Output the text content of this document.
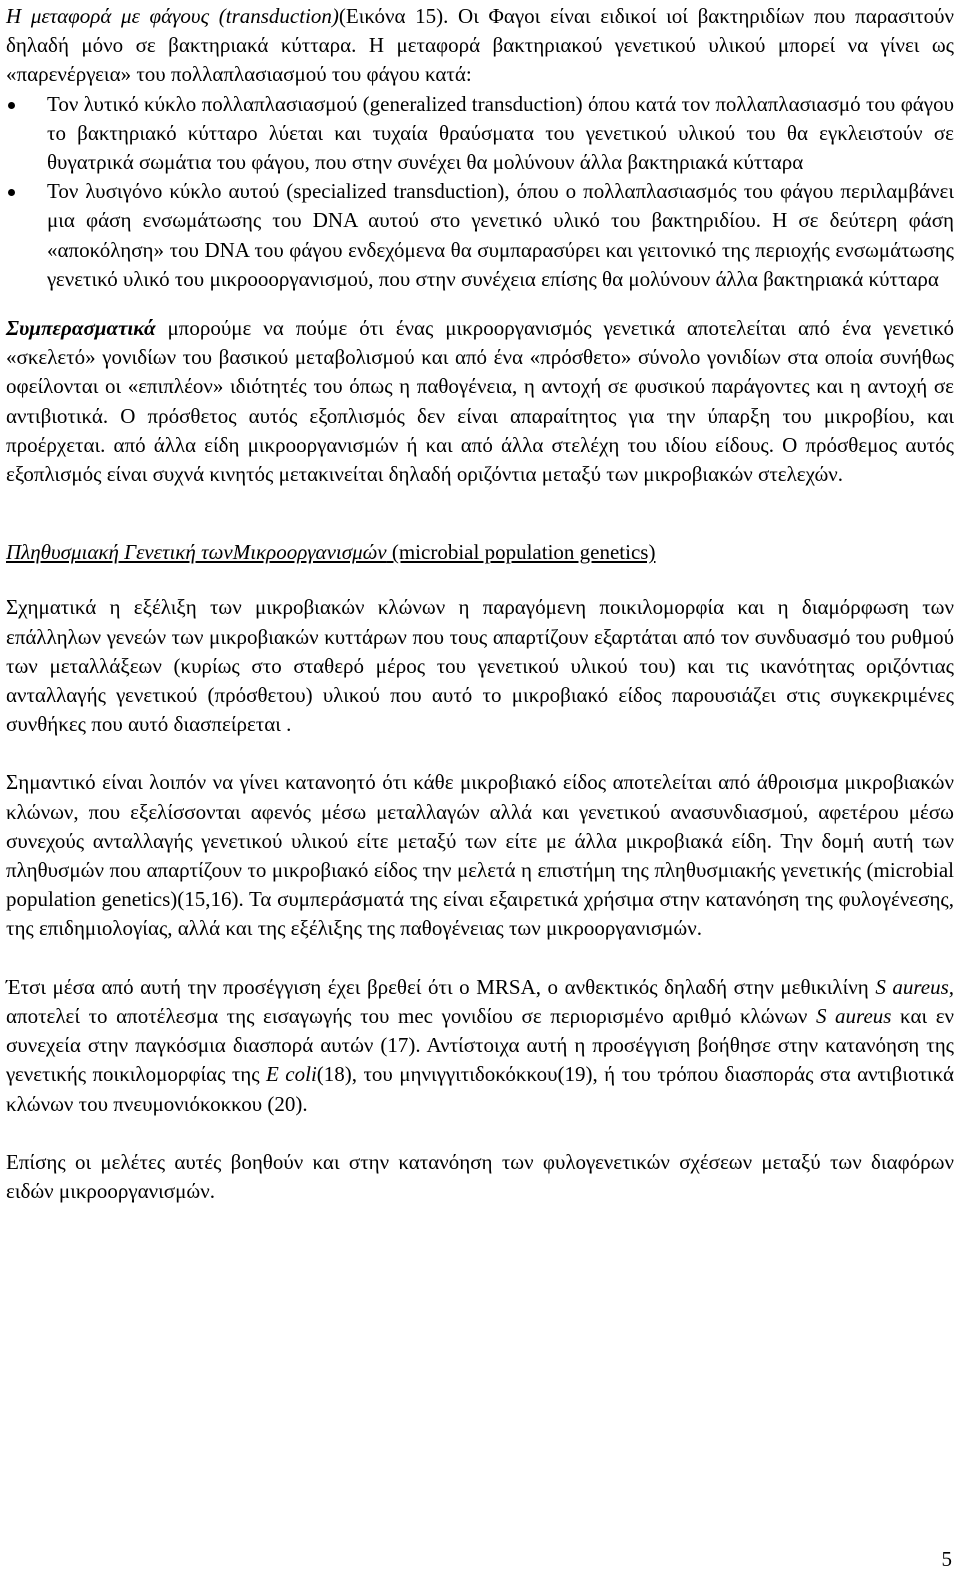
Η μεταφορά με φάγους (transduction)(Εικόνα 15). Οι Φαγοι είναι ειδικοί ιοί βακτηριδίων που παρασιτούν δηλαδή μόνο σε βακτηριακά κύτταρα. Η μεταφορά βακτηριακού γενετικού υλικού μπορεί να γίνει ως «παρενέργεια» του πολλαπλασιασμού του φάγου κατά:

Τον λυτικό κύκλο πολλαπλασιασμού (generalized transduction) όπου κατά τον πολλαπλασιασμό του φάγου το βακτηριακό κύτταρο λύεται και τυχαία θραύσματα του γενετικού υλικού του θα εγκλειστούν σε θυγατρικά σωμάτια του φάγου, που στην συνέχει θα μολύνουν άλλα βακτηριακά κύτταρα
Τον λυσιγόνο κύκλο αυτού (specialized transduction), όπου ο πολλαπλασιασμός του φάγου περιλαμβάνει μια φάση ενσωμάτωσης του DNA αυτού στο γενετικό υλικό του βακτηριδίου. Η σε δεύτερη φάση «αποκόληση» του DNA του φάγου ενδεχόμενα θα συμπαρασύρει και γειτονικό της περιοχής ενσωμάτωσης γενετικό υλικό του μικροοοργανισμού, που στην συνέχεια επίσης θα μολύνουν άλλα βακτηριακά κύτταρα

Συμπερασματικά μπορούμε να πούμε ότι ένας μικροοργανισμός γενετικά αποτελείται από ένα γενετικό «σκελετό» γονιδίων του βασικού μεταβολισμού και από ένα «πρόσθετο» σύνολο γονιδίων στα οποία συνήθως οφείλονται οι «επιπλέον» ιδιότητές του όπως η παθογένεια, η αντοχή σε φυσικού παράγοντες και η αντοχή σε αντιβιοτικά. Ο πρόσθετος αυτός εξοπλισμός δεν είναι απαραίτητος για την ύπαρξη του μικροβίου, και προέρχεται. από άλλα είδη μικροοργανισμών ή και από άλλα στελέχη του ιδίου είδους. Ο πρόσθεμος αυτός εξοπλισμός είναι συχνά κινητός μετακινείται δηλαδή οριζόντια μεταξύ των μικροβιακών στελεχών.

Πληθυσμιακή Γενετική τωνΜικροοργανισμών (microbial population genetics)

Σχηματικά η εξέλιξη των μικροβιακών κλώνων η παραγόμενη ποικιλομορφία και η διαμόρφωση των επάλληλων γενεών των μικροβιακών κυττάρων που τους απαρτίζουν εξαρτάται από τον συνδυασμό του ρυθμού των μεταλλάξεων (κυρίως στο σταθερό μέρος του γενετικού υλικού του) και τις ικανότητας οριζόντιας ανταλλαγής γενετικού (πρόσθετου) υλικού που αυτό το μικροβιακό είδος παρουσιάζει στις συγκεκριμένες συνθήκες που αυτό διασπείρεται .

Σημαντικό είναι λοιπόν να γίνει κατανοητό ότι κάθε μικροβιακό είδος αποτελείται από άθροισμα μικροβιακών κλώνων, που εξελίσσονται αφενός μέσω μεταλλαγών αλλά και γενετικού ανασυνδιασμού, αφετέρου μέσω συνεχούς ανταλλαγής γενετικού υλικού είτε μεταξύ των είτε με άλλα μικροβιακά είδη. Την δομή αυτή των πληθυσμών που απαρτίζουν το μικροβιακό είδος την μελετά η επιστήμη της πληθυσμιακής γενετικής (microbial population genetics)(15,16). Τα συμπεράσματά της είναι εξαιρετικά χρήσιμα στην κατανόηση της φυλογένεσης, της επιδημιολογίας, αλλά και της εξέλιξης της παθογένειας των μικροοργανισμών.

Έτσι μέσα από αυτή την προσέγγιση έχει βρεθεί ότι ο MRSA, ο ανθεκτικός δηλαδή στην μεθικιλίνη S aureus, αποτελεί το αποτέλεσμα της εισαγωγής του mec γονιδίου σε περιορισμένο αριθμό κλώνων S aureus και εν συνεχεία στην παγκόσμια διασπορά αυτών (17). Αντίστοιχα αυτή η προσέγγιση βοήθησε στην κατανόηση της γενετικής ποικιλομορφίας της E coli(18), του μηνιγγιτιδοκόκκου(19), ή του τρόπου διασποράς στα αντιβιοτικά κλώνων του πνευμονιόκοκκου (20).

Επίσης οι μελέτες αυτές βοηθούν και στην κατανόηση των φυλογενετικών σχέσεων μεταξύ των διαφόρων ειδών μικροοργανισμών.

5
